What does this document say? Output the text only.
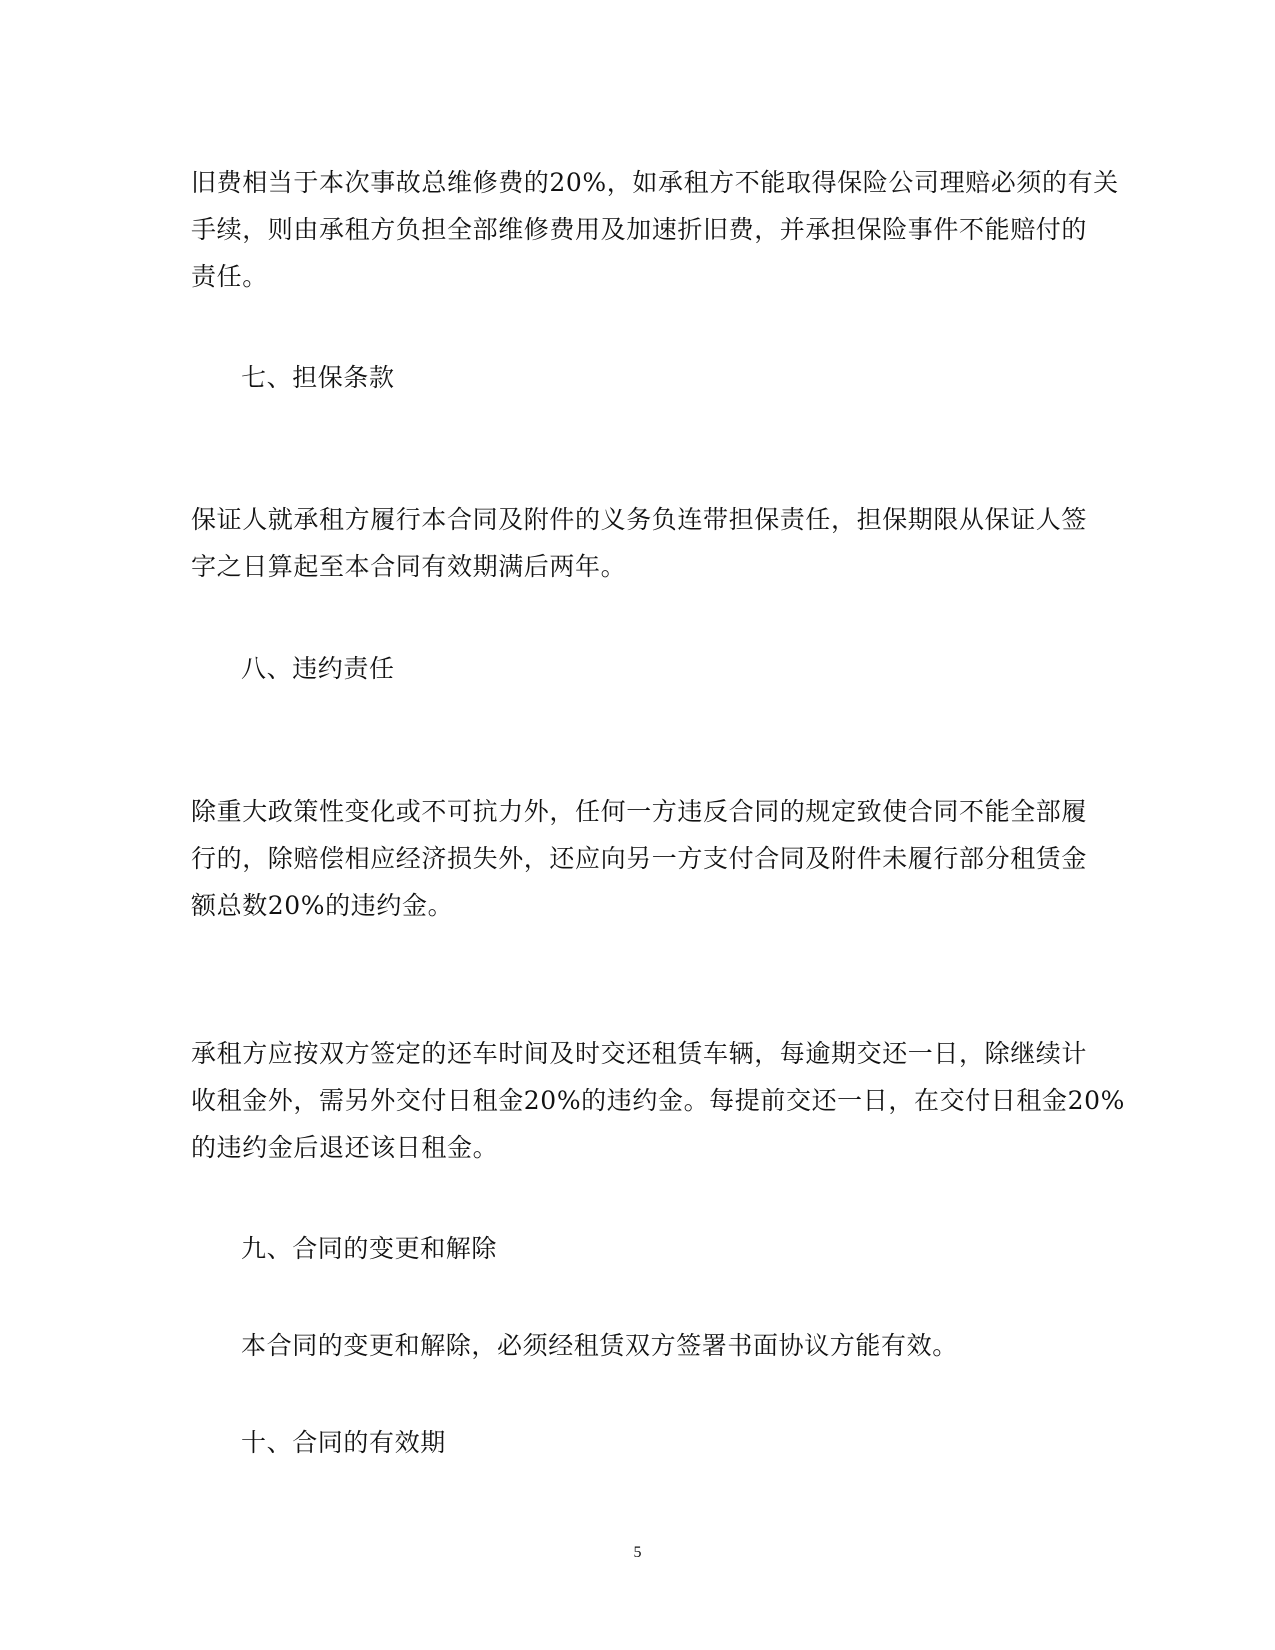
旧费相当于本次事故总维修费的20%，如承租方不能取得保险公司理赔必须的有关
手续，则由承租方负担全部维修费用及加速折旧费，并承担保险事件不能赔付的
责任。
七、担保条款
保证人就承租方履行本合同及附件的义务负连带担保责任，担保期限从保证人签
字之日算起至本合同有效期满后两年。
八、违约责任
除重大政策性变化或不可抗力外，任何一方违反合同的规定致使合同不能全部履
行的，除赔偿相应经济损失外，还应向另一方支付合同及附件未履行部分租赁金
额总数20%的违约金。
承租方应按双方签定的还车时间及时交还租赁车辆，每逾期交还一日，除继续计
收租金外，需另外交付日租金20%的违约金。每提前交还一日，在交付日租金20%
的违约金后退还该日租金。
九、合同的变更和解除
本合同的变更和解除，必须经租赁双方签署书面协议方能有效。
十、合同的有效期
5
